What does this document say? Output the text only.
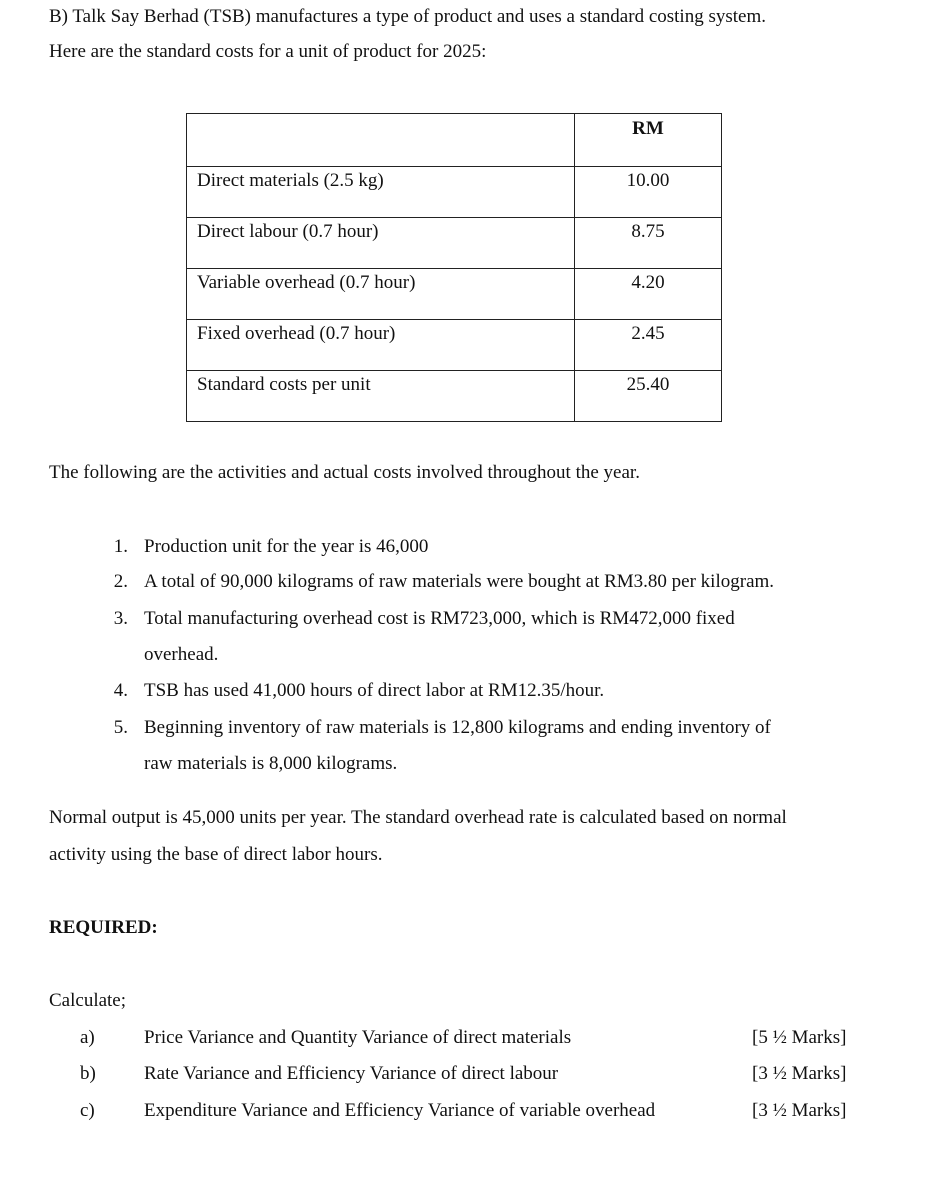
B) Talk Say Berhad (TSB) manufactures a type of product and uses a standard costing system.
Here are the standard costs for a unit of product for 2025:

	RM

Direct materials (2.5 kg)	10.00

Direct labour (0.7 hour)	8.75

Variable overhead (0.7 hour)	4.20

Fixed overhead (0.7 hour)	2.45

Standard costs per unit	25.40
The following are the activities and actual costs involved throughout the year.
1. Production unit for the year is 46,000
2. A total of 90,000 kilograms of raw materials were bought at RM3.80 per kilogram.
3. Total manufacturing overhead cost is RM723,000, which is RM472,000 fixed
overhead.
4. TSB has used 41,000 hours of direct labor at RM12.35/hour.
5. Beginning inventory of raw materials is 12,800 kilograms and ending inventory of
raw materials is 8,000 kilograms.
Normal output is 45,000 units per year. The standard overhead rate is calculated based on normal
activity using the base of direct labor hours.
REQUIRED:
Calculate;
a)	Price Variance and Quantity Variance of direct materials	[5 ½ Marks]
b)	Rate Variance and Efficiency Variance of direct labour	[3 ½ Marks]
c)	Expenditure Variance and Efficiency Variance of variable overhead	[3 ½ Marks]
